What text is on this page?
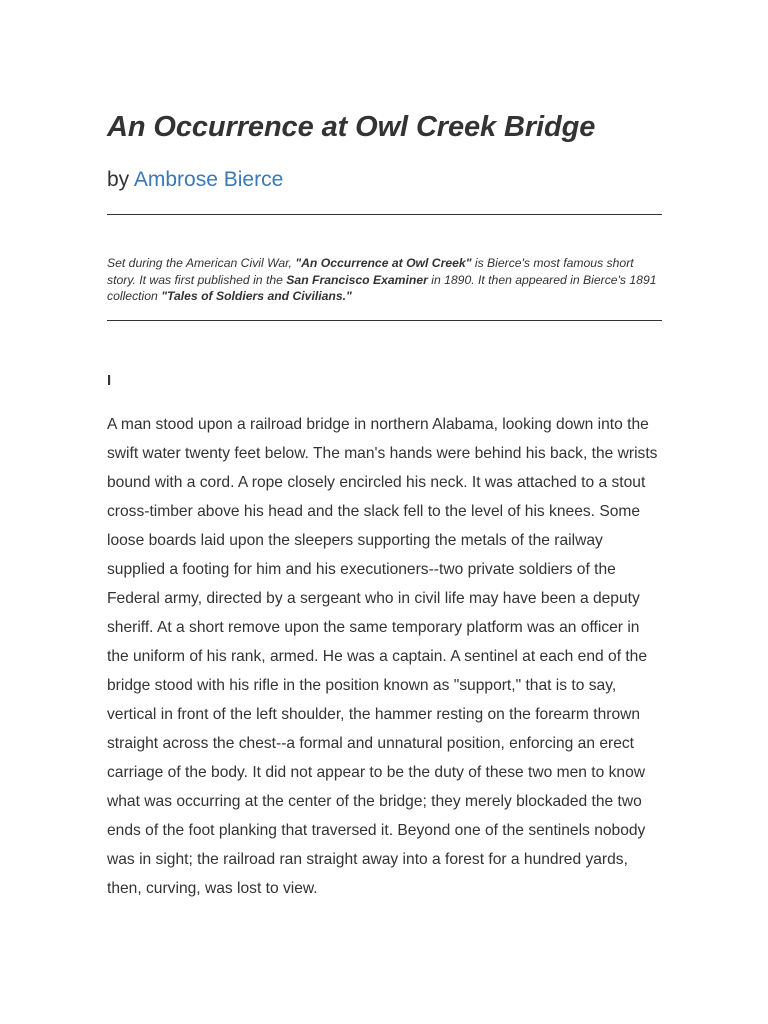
An Occurrence at Owl Creek Bridge
by Ambrose Bierce

Set during the American Civil War, "An Occurrence at Owl Creek" is Bierce's most famous short story. It was first published in the San Francisco Examiner in 1890. It then appeared in Bierce's 1891 collection "Tales of Soldiers and Civilians."

I

A man stood upon a railroad bridge in northern Alabama, looking down into the swift water twenty feet below. The man's hands were behind his back, the wrists bound with a cord. A rope closely encircled his neck. It was attached to a stout cross-timber above his head and the slack fell to the level of his knees. Some loose boards laid upon the sleepers supporting the metals of the railway supplied a footing for him and his executioners--two private soldiers of the Federal army, directed by a sergeant who in civil life may have been a deputy sheriff. At a short remove upon the same temporary platform was an officer in the uniform of his rank, armed. He was a captain. A sentinel at each end of the bridge stood with his rifle in the position known as "support," that is to say, vertical in front of the left shoulder, the hammer resting on the forearm thrown straight across the chest--a formal and unnatural position, enforcing an erect carriage of the body. It did not appear to be the duty of these two men to know what was occurring at the center of the bridge; they merely blockaded the two ends of the foot planking that traversed it. Beyond one of the sentinels nobody was in sight; the railroad ran straight away into a forest for a hundred yards, then, curving, was lost to view.
